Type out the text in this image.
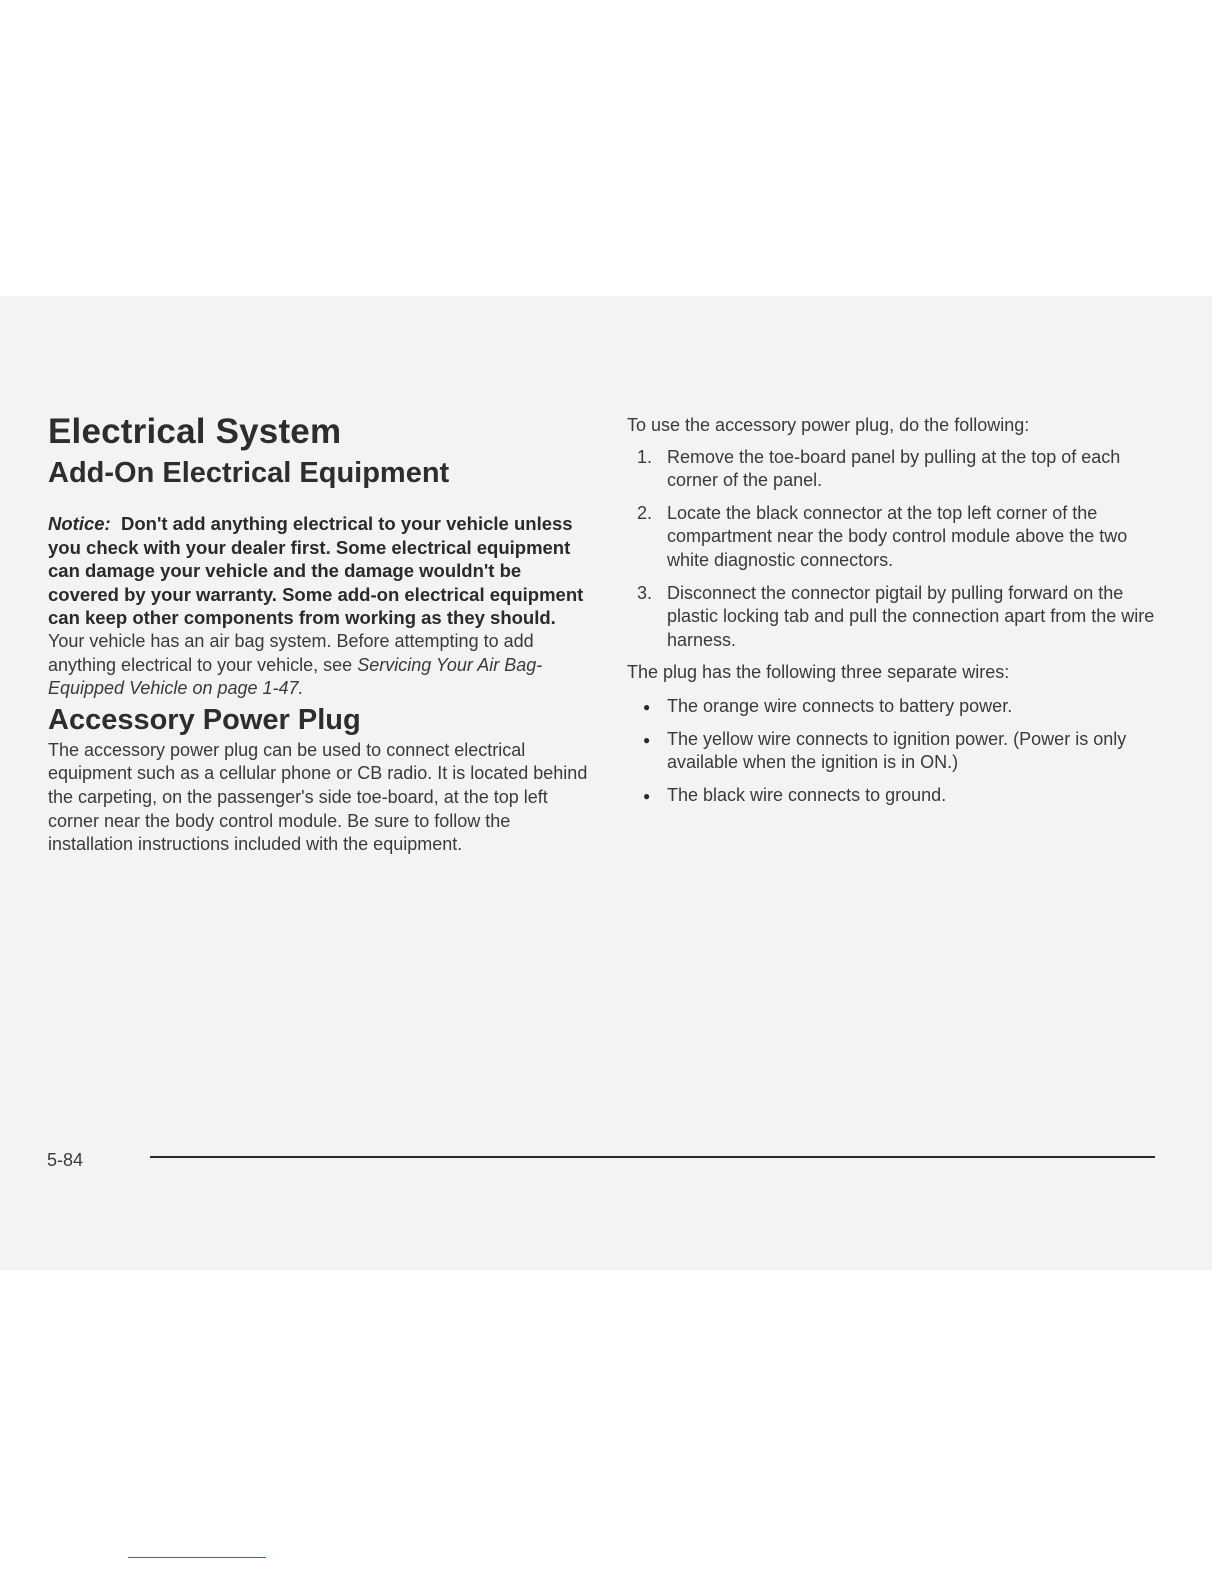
Electrical System
Add-On Electrical Equipment
Notice: Don't add anything electrical to your vehicle unless you check with your dealer first. Some electrical equipment can damage your vehicle and the damage wouldn't be covered by your warranty. Some add-on electrical equipment can keep other components from working as they should.

Your vehicle has an air bag system. Before attempting to add anything electrical to your vehicle, see Servicing Your Air Bag-Equipped Vehicle on page 1-47.

Accessory Power Plug

The accessory power plug can be used to connect electrical equipment such as a cellular phone or CB radio. It is located behind the carpeting, on the passenger's side toe-board, at the top left corner near the body control module. Be sure to follow the installation instructions included with the equipment.

To use the accessory power plug, do the following:

1. Remove the toe-board panel by pulling at the top of each corner of the panel.
2. Locate the black connector at the top left corner of the compartment near the body control module above the two white diagnostic connectors.
3. Disconnect the connector pigtail by pulling forward on the plastic locking tab and pull the connection apart from the wire harness.

The plug has the following three separate wires:

● The orange wire connects to battery power.
● The yellow wire connects to ignition power. (Power is only available when the ignition is in ON.)
● The black wire connects to ground.
5-84
